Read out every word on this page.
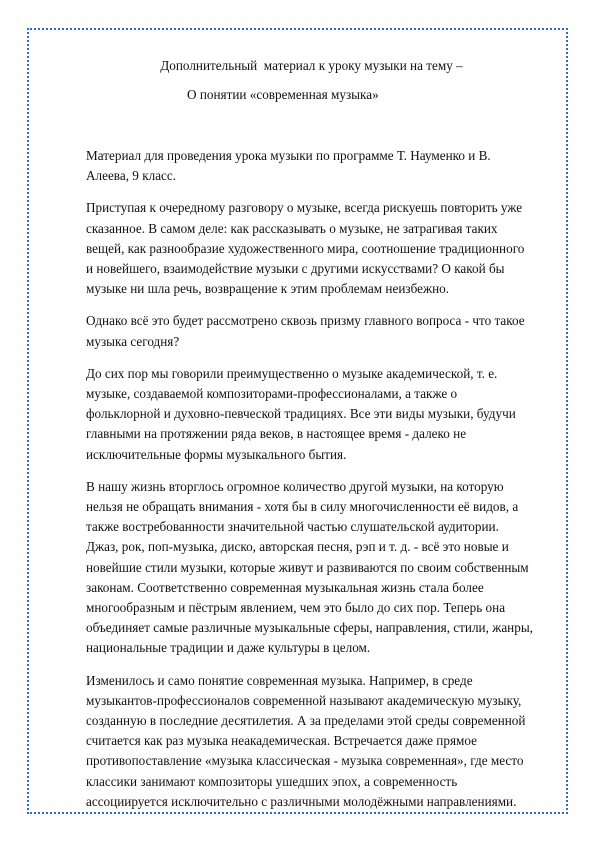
Дополнительный  материал к уроку музыки на тему –
О понятии «современная музыка»
Материал для проведения урока музыки по программе Т. Науменко и В.
Алеева, 9 класс.
Приступая к очередному разговору о музыке, всегда рискуешь повторить уже
сказанное. В самом деле: как рассказывать о музыке, не затрагивая таких
вещей, как разнообразие художественного мира, соотношение традиционного
и новейшего, взаимодействие музыки с другими искусствами? О какой бы
музыке ни шла речь, возвращение к этим проблемам неизбежно.
Однако всё это будет рассмотрено сквозь призму главного вопроса - что такое
музыка сегодня?
До сих пор мы говорили преимущественно о музыке академической, т. е.
музыке, создаваемой композиторами-профессионалами, а также о
фольклорной и духовно-певческой традициях. Все эти виды музыки, будучи
главными на протяжении ряда веков, в настоящее время - далеко не
исключительные формы музыкального бытия.
В нашу жизнь вторглось огромное количество другой музыки, на которую
нельзя не обращать внимания - хотя бы в силу многочисленности её видов, а
также востребованности значительной частью слушательской аудитории.
Джаз, рок, поп-музыка, диско, авторская песня, рэп и т. д. - всё это новые и
новейшие стили музыки, которые живут и развиваются по своим собственным
законам. Соответственно современная музыкальная жизнь стала более
многообразным и пёстрым явлением, чем это было до сих пор. Теперь она
объединяет самые различные музыкальные сферы, направления, стили, жанры,
национальные традиции и даже культуры в целом.
Изменилось и само понятие современная музыка. Например, в среде
музыкантов-профессионалов современной называют академическую музыку,
созданную в последние десятилетия. А за пределами этой среды современной
считается как раз музыка неакадемическая. Встречается даже прямое
противопоставление «музыка классическая - музыка современная», где место
классики занимают композиторы ушедших эпох, а современность
ассоциируется исключительно с различными молодёжными направлениями.
